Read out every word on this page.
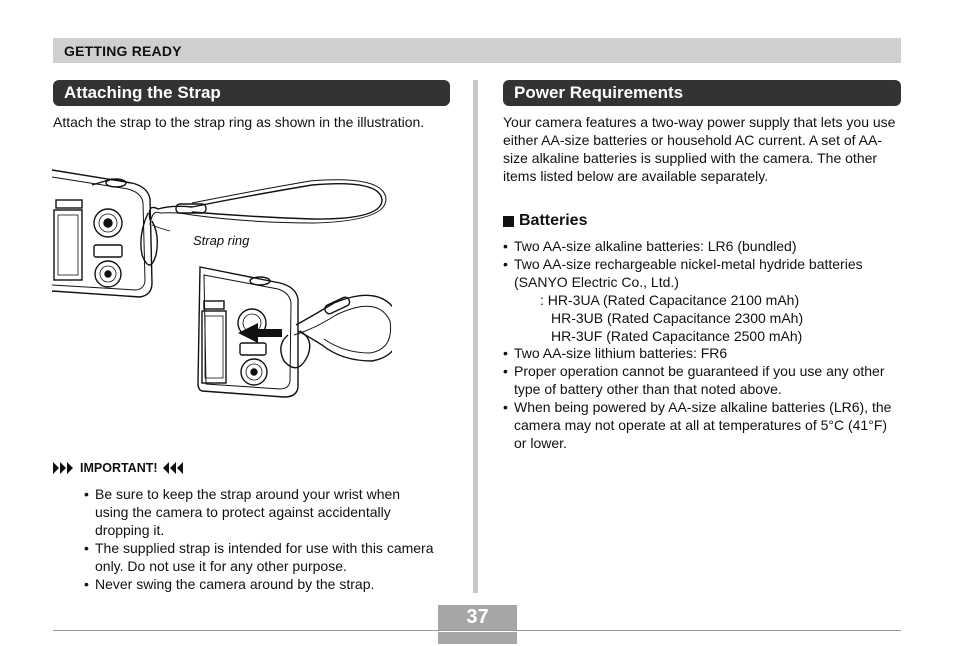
GETTING READY
Attaching the Strap

Attach the strap to the strap ring as shown in the illustration.

Strap ring
IMPORTANT!
• Be sure to keep the strap around your wrist when using the camera to protect against accidentally dropping it.
• The supplied strap is intended for use with this camera only. Do not use it for any other purpose.
• Never swing the camera around by the strap.
Power Requirements

Your camera features a two-way power supply that lets you use either AA-size batteries or household AC current. A set of AA-size alkaline batteries is supplied with the camera. The other items listed below are available separately.

Batteries
• Two AA-size alkaline batteries: LR6 (bundled)
• Two AA-size rechargeable nickel-metal hydride batteries (SANYO Electric Co., Ltd.)
: HR-3UA (Rated Capacitance 2100 mAh)
HR-3UB (Rated Capacitance 2300 mAh)
HR-3UF (Rated Capacitance 2500 mAh)
• Two AA-size lithium batteries: FR6
• Proper operation cannot be guaranteed if you use any other type of battery other than that noted above.
• When being powered by AA-size alkaline batteries (LR6), the camera may not operate at all at temperatures of 5°C (41°F) or lower.
37
